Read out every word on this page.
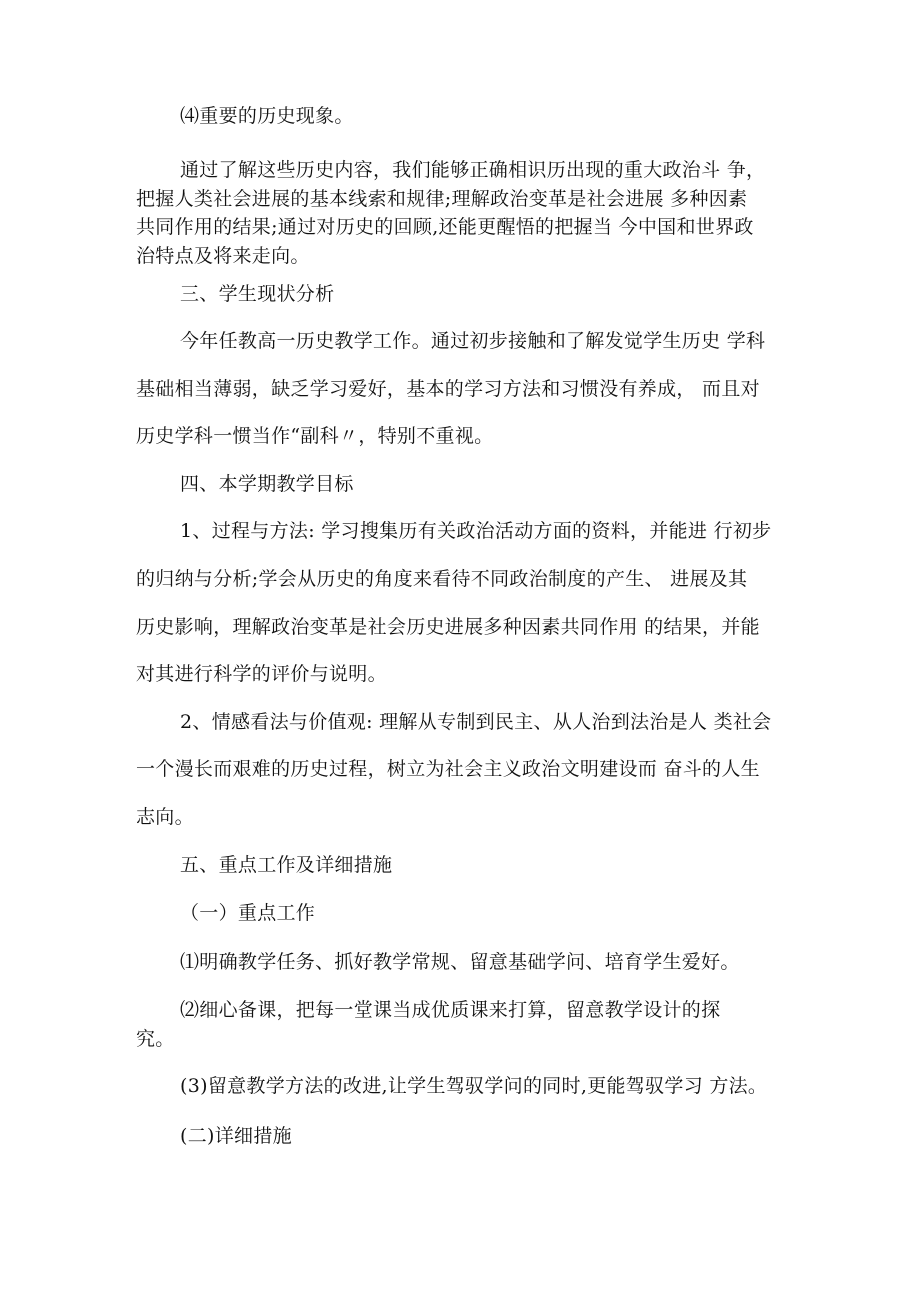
⑷重要的历史现象。
通过了解这些历史内容，我们能够正确相识历出现的重大政治斗 争，
把握人类社会进展的基本线索和规律;理解政治变革是社会进展 多种因素
共同作用的结果;通过对历史的回顾,还能更醒悟的把握当 今中国和世界政
治特点及将来走向。
三、学生现状分析
今年任教高一历史教学工作。通过初步接触和了解发觉学生历史 学科
基础相当薄弱，缺乏学习爱好，基本的学习方法和习惯没有养成， 而且对
历史学科一惯当作“副科〃，特别不重视。
四、本学期教学目标
1、过程与方法: 学习搜集历有关政治活动方面的资料，并能进 行初步
的归纳与分析;学会从历史的角度来看待不同政治制度的产生、 进展及其
历史影响，理解政治变革是社会历史进展多种因素共同作用 的结果，并能
对其进行科学的评价与说明。
2、情感看法与价值观: 理解从专制到民主、从人治到法治是人 类社会
一个漫长而艰难的历史过程，树立为社会主义政治文明建设而 奋斗的人生
志向。
五、重点工作及详细措施
（一）重点工作
⑴明确教学任务、抓好教学常规、留意基础学问、培育学生爱好。
⑵细心备课，把每一堂课当成优质课来打算，留意教学设计的探
究。
(3)留意教学方法的改进,让学生驾驭学问的同时,更能驾驭学习 方法。
(二)详细措施
